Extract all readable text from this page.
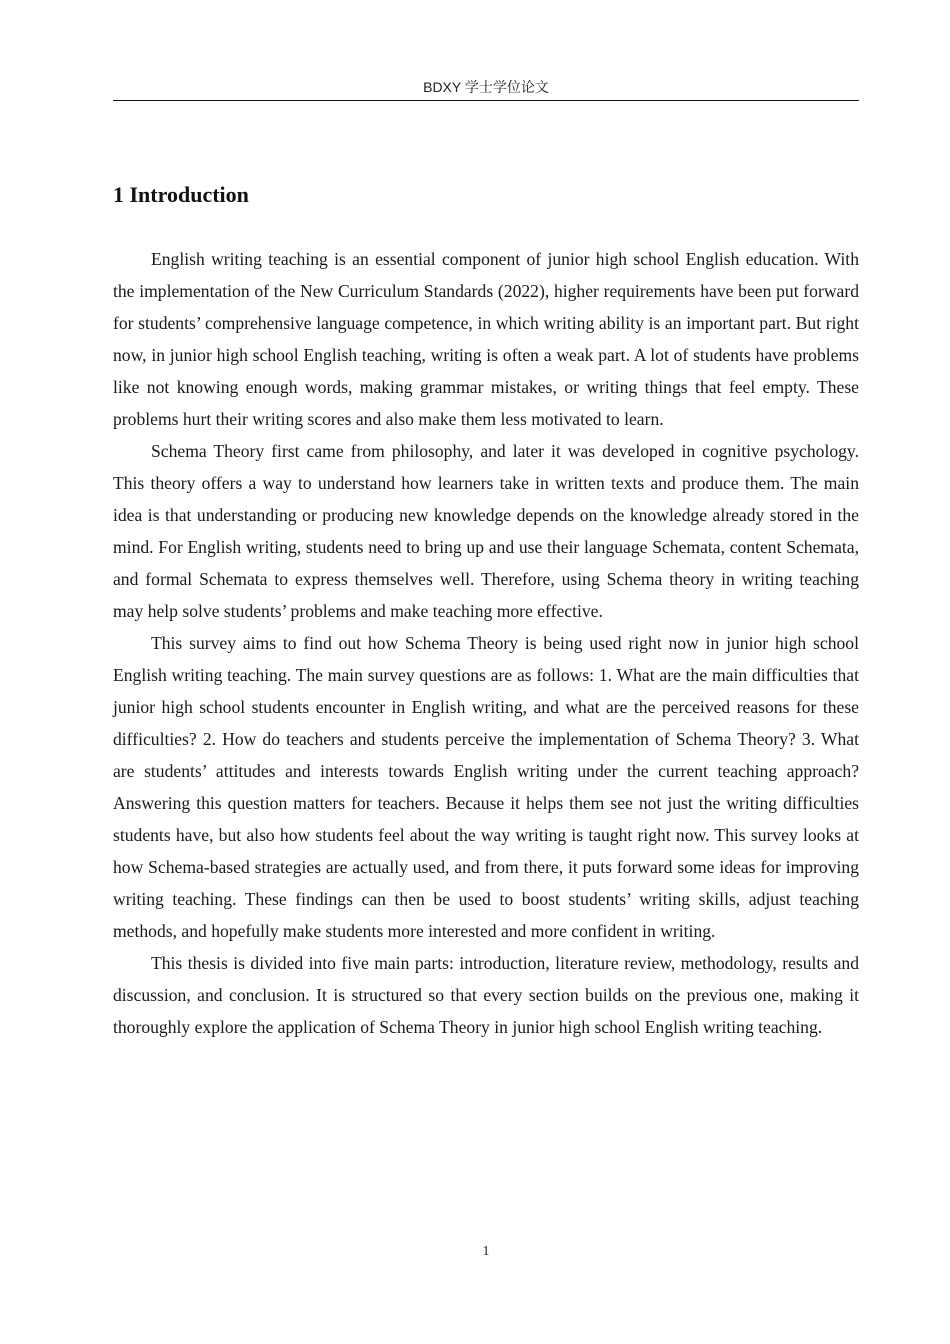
BDXY 学士学位论文
1 Introduction

English writing teaching is an essential component of junior high school English education. With the implementation of the New Curriculum Standards (2022), higher requirements have been put forward for students’ comprehensive language competence, in which writing ability is an important part. But right now, in junior high school English teaching, writing is often a weak part. A lot of students have problems like not knowing enough words, making grammar mistakes, or writing things that feel empty. These problems hurt their writing scores and also make them less motivated to learn.

Schema Theory first came from philosophy, and later it was developed in cognitive psychology. This theory offers a way to understand how learners take in written texts and produce them. The main idea is that understanding or producing new knowledge depends on the knowledge already stored in the mind. For English writing, students need to bring up and use their language Schemata, content Schemata, and formal Schemata to express themselves well. Therefore, using Schema theory in writing teaching may help solve students’ problems and make teaching more effective.

This survey aims to find out how Schema Theory is being used right now in junior high school English writing teaching. The main survey questions are as follows: 1. What are the main difficulties that junior high school students encounter in English writing, and what are the perceived reasons for these difficulties? 2. How do teachers and students perceive the implementation of Schema Theory? 3. What are students’ attitudes and interests towards English writing under the current teaching approach? Answering this question matters for teachers. Because it helps them see not just the writing difficulties students have, but also how students feel about the way writing is taught right now. This survey looks at how Schema-based strategies are actually used, and from there, it puts forward some ideas for improving writing teaching. These findings can then be used to boost students’ writing skills, adjust teaching methods, and hopefully make students more interested and more confident in writing.

This thesis is divided into five main parts: introduction, literature review, methodology, results and discussion, and conclusion. It is structured so that every section builds on the previous one, making it thoroughly explore the application of Schema Theory in junior high school English writing teaching.

1
